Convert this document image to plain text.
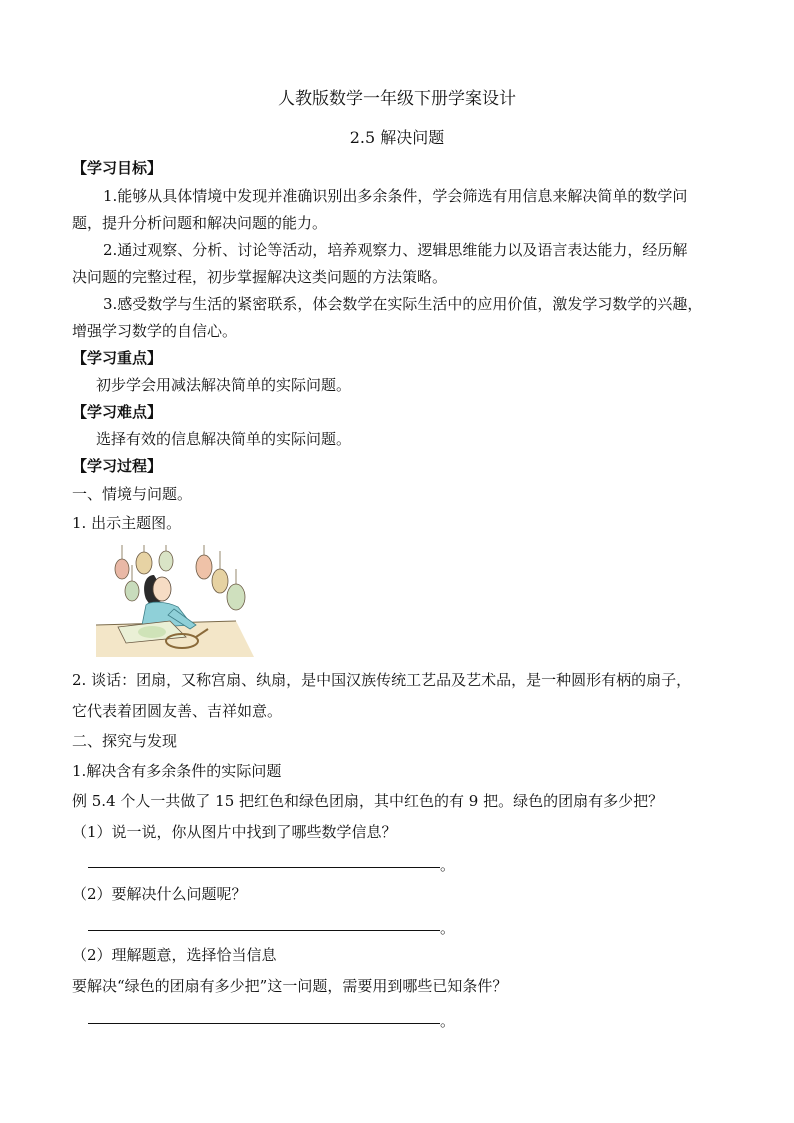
人教版数学一年级下册学案设计
2.5 解决问题
【学习目标】
1.能够从具体情境中发现并准确识别出多余条件，学会筛选有用信息来解决简单的数学问
题，提升分析问题和解决问题的能力。
2.通过观察、分析、讨论等活动，培养观察力、逻辑思维能力以及语言表达能力，经历解
决问题的完整过程，初步掌握解决这类问题的方法策略。
3.感受数学与生活的紧密联系，体会数学在实际生活中的应用价值，激发学习数学的兴趣，
增强学习数学的自信心。
【学习重点】
初步学会用减法解决简单的实际问题。
【学习难点】
选择有效的信息解决简单的实际问题。
【学习过程】
一、情境与问题。
1. 出示主题图。
2. 谈话：团扇，又称宫扇、纨扇，是中国汉族传统工艺品及艺术品，是一种圆形有柄的扇子，
它代表着团圆友善、吉祥如意。
二、探究与发现
1.解决含有多余条件的实际问题
例 5.4 个人一共做了 15 把红色和绿色团扇，其中红色的有 9 把。绿色的团扇有多少把？
（1）说一说，你从图片中找到了哪些数学信息？
。
（2）要解决什么问题呢？
。
（2）理解题意，选择恰当信息
要解决“绿色的团扇有多少把”这一问题，需要用到哪些已知条件？
。
